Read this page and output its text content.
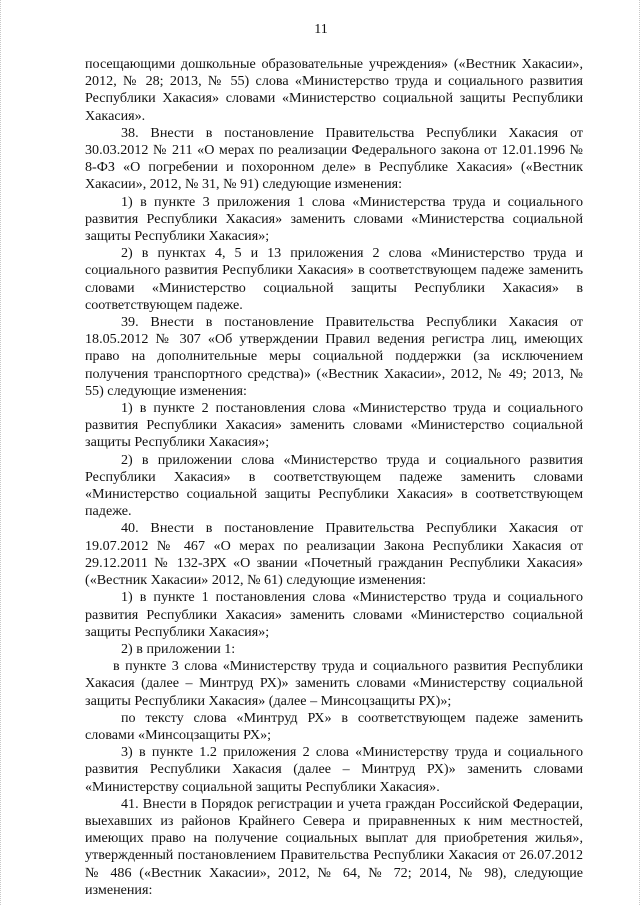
11

посещающими дошкольные образовательные учреждения» («Вестник Хакасии», 2012, № 28; 2013, № 55) слова «Министерство труда и социального развития Республики Хакасия» словами «Министерство социальной защиты Республики Хакасия».

38. Внести в постановление Правительства Республики Хакасия от 30.03.2012 № 211 «О мерах по реализации Федерального закона от 12.01.1996 № 8-ФЗ «О погребении и похоронном деле» в Республике Хакасия» («Вестник Хакасии», 2012, № 31, № 91) следующие изменения:

1) в пункте 3 приложения 1 слова «Министерства труда и социального развития Республики Хакасия» заменить словами «Министерства социальной защиты Республики Хакасия»;

2) в пунктах 4, 5 и 13 приложения 2 слова «Министерство труда и социального развития Республики Хакасия» в соответствующем падеже заменить словами «Министерство социальной защиты Республики Хакасия» в соответствующем падеже.

39. Внести в постановление Правительства Республики Хакасия от 18.05.2012 № 307 «Об утверждении Правил ведения регистра лиц, имеющих право на дополнительные меры социальной поддержки (за исключением получения транспортного средства)» («Вестник Хакасии», 2012, № 49; 2013, № 55) следующие изменения:

1) в пункте 2 постановления слова «Министерство труда и социального развития Республики Хакасия» заменить словами «Министерство социальной защиты Республики Хакасия»;

2) в приложении слова «Министерство труда и социального развития Республики Хакасия» в соответствующем падеже заменить словами «Министерство социальной защиты Республики Хакасия» в соответствующем падеже.

40. Внести в постановление Правительства Республики Хакасия от 19.07.2012 № 467 «О мерах по реализации Закона Республики Хакасия от 29.12.2011 № 132-ЗРХ «О звании «Почетный гражданин Республики Хакасия» («Вестник Хакасии» 2012, № 61) следующие изменения:

1) в пункте 1 постановления слова «Министерство труда и социального развития Республики Хакасия» заменить словами «Министерство социальной защиты Республики Хакасия»;

2) в приложении 1:

в пункте 3 слова «Министерству труда и социального развития Республики Хакасия (далее – Минтруд РХ)» заменить словами «Министерству социальной защиты Республики Хакасия» (далее – Минсоцзащиты РХ)»;

по тексту слова «Минтруд РХ» в соответствующем падеже заменить словами «Минсоцзащиты РХ»;

3) в пункте 1.2 приложения 2 слова «Министерству труда и социального развития Республики Хакасия (далее – Минтруд РХ)» заменить словами «Министерству социальной защиты Республики Хакасия».

41. Внести в Порядок регистрации и учета граждан Российской Федерации, выехавших из районов Крайнего Севера и приравненных к ним местностей, имеющих право на получение социальных выплат для приобретения жилья», утвержденный постановлением Правительства Республики Хакасия от 26.07.2012 № 486 («Вестник Хакасии», 2012, № 64, № 72; 2014, № 98), следующие изменения:
